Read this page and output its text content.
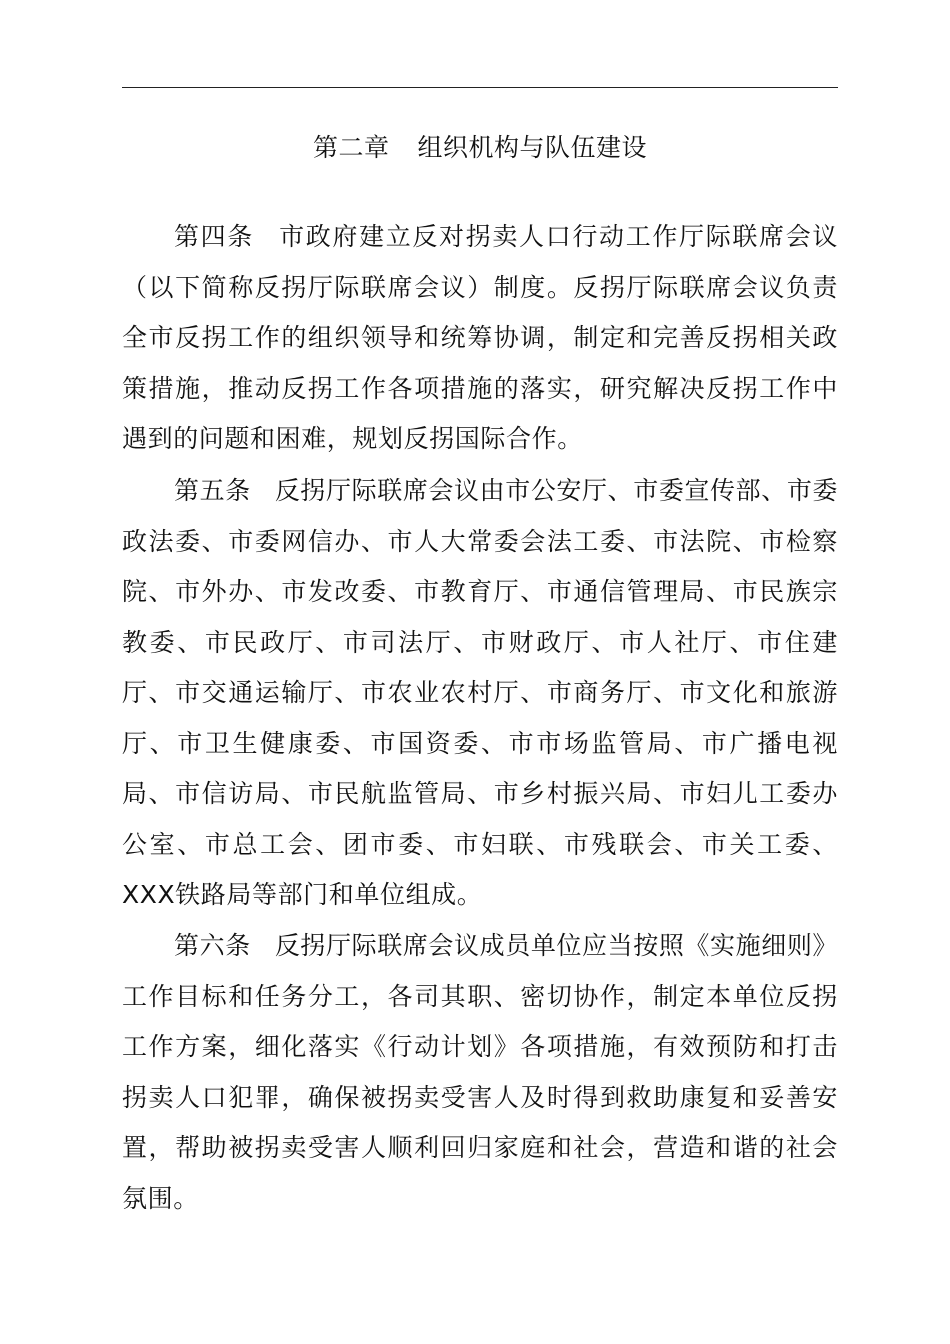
第二章 组织机构与队伍建设

第四条 市政府建立反对拐卖人口行动工作厅际联席会议（以下简称反拐厅际联席会议）制度。反拐厅际联席会议负责全市反拐工作的组织领导和统筹协调，制定和完善反拐相关政策措施，推动反拐工作各项措施的落实，研究解决反拐工作中遇到的问题和困难，规划反拐国际合作。

第五条 反拐厅际联席会议由市公安厅、市委宣传部、市委政法委、市委网信办、市人大常委会法工委、市法院、市检察院、市外办、市发改委、市教育厅、市通信管理局、市民族宗教委、市民政厅、市司法厅、市财政厅、市人社厅、市住建厅、市交通运输厅、市农业农村厅、市商务厅、市文化和旅游厅、市卫生健康委、市国资委、市市场监管局、市广播电视局、市信访局、市民航监管局、市乡村振兴局、市妇儿工委办公室、市总工会、团市委、市妇联、市残联会、市关工委、XXX铁路局等部门和单位组成。

第六条 反拐厅际联席会议成员单位应当按照《实施细则》工作目标和任务分工，各司其职、密切协作，制定本单位反拐工作方案，细化落实《行动计划》各项措施，有效预防和打击拐卖人口犯罪，确保被拐卖受害人及时得到救助康复和妥善安置，帮助被拐卖受害人顺利回归家庭和社会，营造和谐的社会氛围。
